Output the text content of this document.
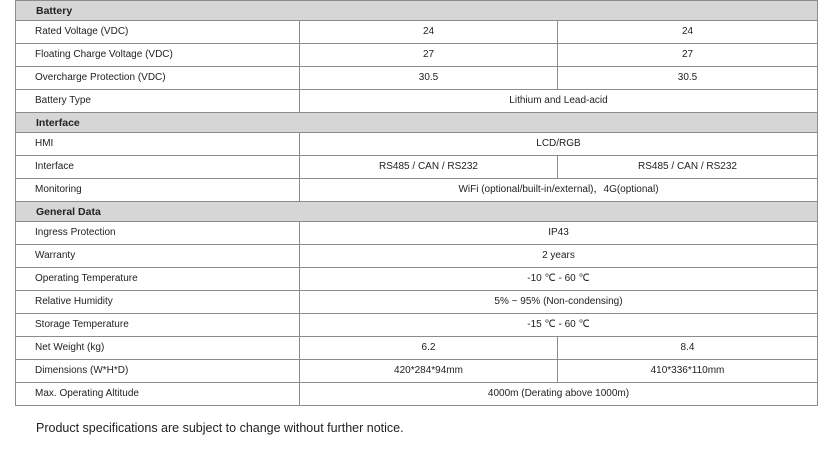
Battery		
Rated Voltage (VDC)	24	24
Floating Charge Voltage (VDC)	27	27
Overcharge Protection (VDC)	30.5	30.5
Battery Type	Lithium and Lead-acid	
Interface		
HMI	LCD/RGB	
Interface	RS485 / CAN / RS232	RS485 / CAN / RS232
Monitoring	WiFi (optional/built-in/external)，4G(optional)	
General Data		
Ingress Protection	IP43	
Warranty	2 years	
Operating Temperature	-10 ℃ - 60 ℃	
Relative Humidity	5% ~ 95% (Non-condensing)	
Storage Temperature	-15 ℃ - 60 ℃	
Net Weight (kg)	6.2	8.4
Dimensions (W*H*D)	420*284*94mm	410*336*110mm
Max. Operating Altitude	4000m (Derating above 1000m)	
Product specifications are subject to change without further notice.
